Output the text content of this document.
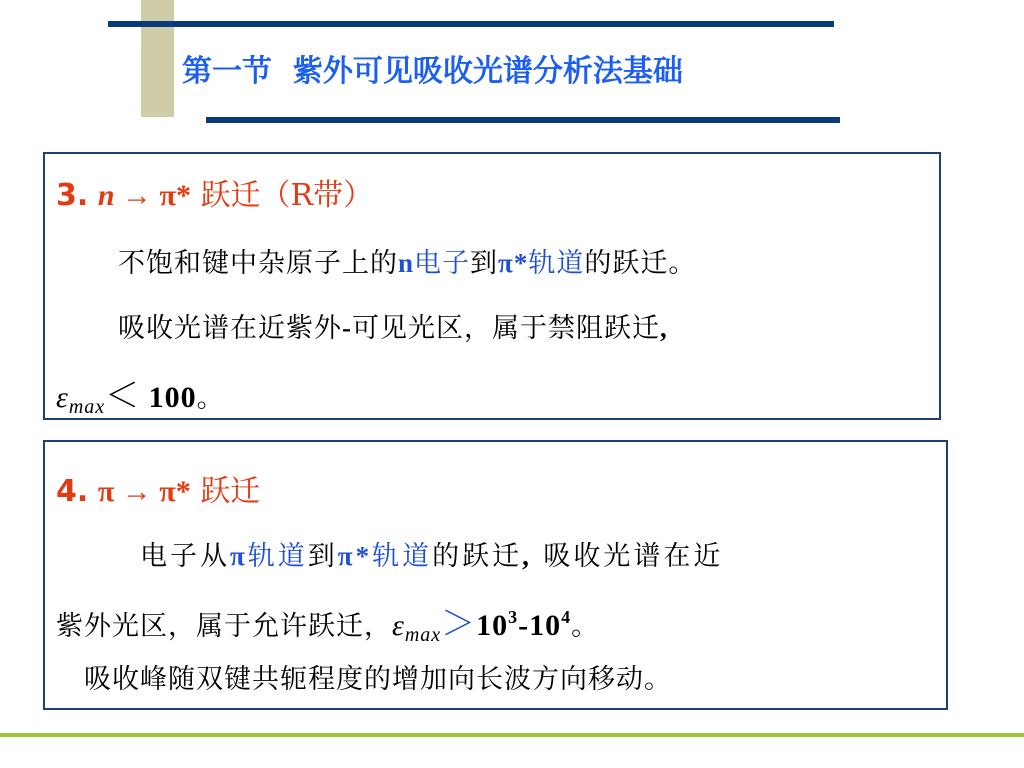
第一节  紫外可见吸收光谱分析法基础
3. n → π* 跃迁（R带）
不饱和键中杂原子上的n电子到π*轨道的跃迁。
吸收光谱在近紫外-可见光区，属于禁阻跃迁,
$\varepsilon_{max}< 100$。
4. π → π* 跃迁
电子从π轨道到π*轨道的跃迁, 吸收光谱在近
紫外光区，属于允许跃迁，$\varepsilon_{max}>10^3-10^4$。
吸收峰随双键共轭程度的增加向长波方向移动。
